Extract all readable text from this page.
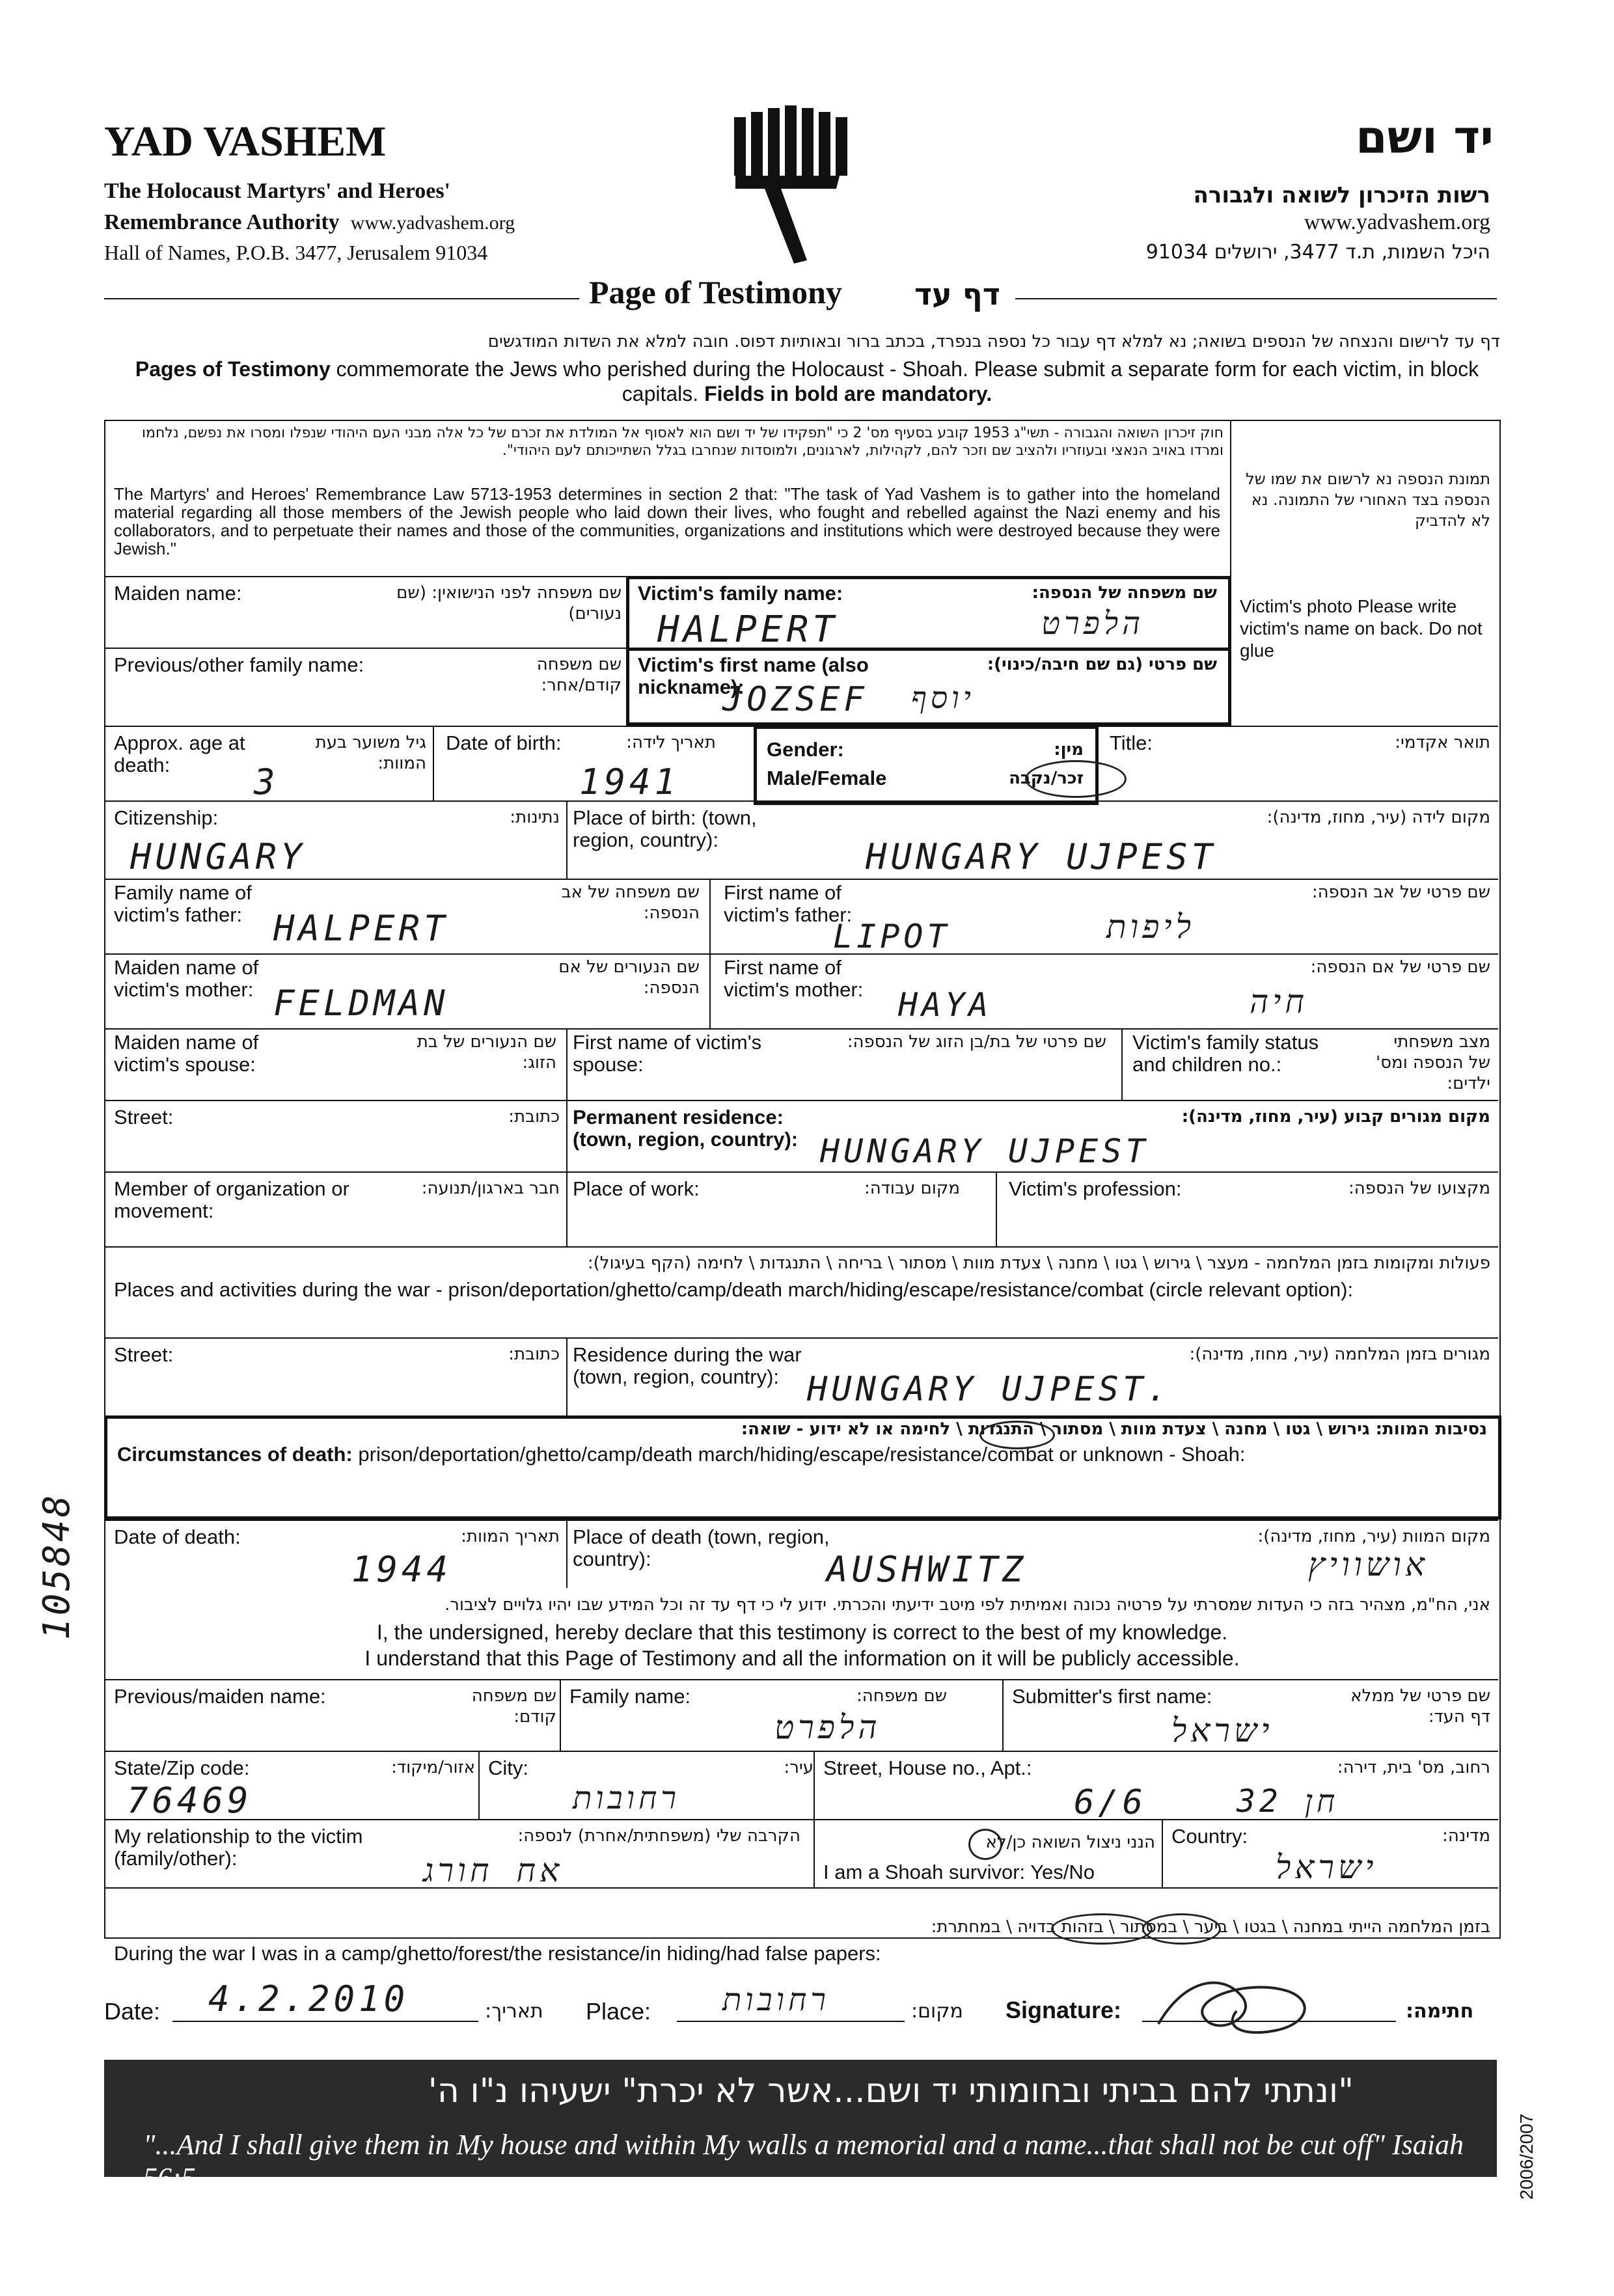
YAD VASHEM
The Holocaust Martyrs' and Heroes'
Remembrance Authority www.yadvashem.org
Hall of Names, P.O.B. 3477, Jerusalem 91034
יד ושם
רשות הזיכרון לשואה ולגבורה
www.yadvashem.org
היכל השמות, ת.ד 3477, ירושלים 91034
Page of Testimony דף עד
דף עד לרישום והנצחה של הנספים בשואה; נא למלא דף עבור כל נספה בנפרד, בכתב ברור ובאותיות דפוס. חובה למלא את השדות המודגשים
Pages of Testimony commemorate the Jews who perished during the Holocaust - Shoah. Please submit a separate form for each victim, in block capitals. Fields in bold are mandatory.
חוק זיכרון השואה והגבורה - תשי"ג 1953 קובע בסעיף מס' 2 כי "תפקידו של יד ושם הוא לאסוף אל המולדת את זכרם של כל אלה מבני העם היהודי שנפלו ומסרו את נפשם, נלחמו ומרדו באויב הנאצי ובעוזריו ולהציב שם וזכר להם, לקהילות, לארגונים, ולמוסדות שנחרבו בגלל השתייכותם לעם היהודי".
The Martyrs' and Heroes' Remembrance Law 5713-1953 determines in section 2 that: "The task of Yad Vashem is to gather into the homeland material regarding all those members of the Jewish people who laid down their lives, who fought and rebelled against the Nazi enemy and his collaborators, and to perpetuate their names and those of the communities, organizations and institutions which were destroyed because they were Jewish."
תמונת הנספה נא לרשום את שמו של הנספה בצד האחורי של התמונה. נא לא להדביק
Victim's photo Please write victim's name on back. Do not glue
Maiden name:	שם משפחה לפני הנישואין: (שם נעורים)
Victim's family name:	שם משפחה של הנספה:
HALPERT	הלפרט
Previous/other family name:	שם משפחה קודם/אחר:
Victim's first name (also nickname):
שם פרטי (גם שם חיבה/כינוי):
JOZSEF יוסף
Approx. age at death:
גיל משוער בעת המוות:
3
Date of birth:	תאריך לידה:
1941
Gender: Male/Female
מין: זכר/נקבה
Title:	תואר אקדמי:
Citizenship:	נתינות:
HUNGARY
Place of birth: (town, region, country):
מקום לידה (עיר, מחוז, מדינה):
HUNGARY UJPEST
Family name of victim's father:
שם משפחה של אב הנספה:
HALPERT
First name of victim's father:
שם פרטי של אב הנספה:
LIPOT	ליפות
Maiden name of victim's mother:
שם הנעורים של אם הנספה:
FELDMAN
First name of victim's mother:
שם פרטי של אם הנספה:
HAYA	חיה
Maiden name of victim's spouse:
שם הנעורים של בת הזוג:
First name of victim's spouse:
שם פרטי של בת/בן הזוג של הנספה: Victim's family status and children no.:
מצב משפחתי של הנספה ומס' ילדים:
Street:	כתובת: Permanent residence: (town, region, country):
מקום מגורים קבוע (עיר, מחוז, מדינה):
HUNGARY UJPEST
Member of organization or movement:
חבר בארגון/תנועה: Place of work:	מקום עבודה: Victim's profession:	מקצועו של הנספה:
פעולות ומקומות בזמן המלחמה - מעצר \ גירוש \ גטו \ מחנה \ צעדת מוות \ מסתור \ בריחה \ התנגדות \ לחימה (הקף בעיגול):
Places and activities during the war - prison/deportation/ghetto/camp/death march/hiding/escape/resistance/combat (circle relevant option):
Street:	כתובת: Residence during the war (town, region, country):
מגורים בזמן המלחמה (עיר, מחוז, מדינה):
HUNGARY UJPEST.
נסיבות המוות: גירוש \ גטו \ מחנה \ צעדת מוות \ מסתור \ התנגדות \ לחימה או לא ידוע - שואה:
Circumstances of death: prison/deportation/ghetto/camp/death march/hiding/escape/resistance/combat or unknown - Shoah:
Date of death:	תאריך המוות:
1944
Place of death (town, region, country):
מקום המוות (עיר, מחוז, מדינה):
AUSHWITZ	אושוויץ
אני, הח"מ, מצהיר בזה כי העדות שמסרתי על פרטיה נכונה ואמיתית לפי מיטב ידיעתי והכרתי. ידוע לי כי דף עד זה וכל המידע שבו יהיו גלויים לציבור.
I, the undersigned, hereby declare that this testimony is correct to the best of my knowledge.
I understand that this Page of Testimony and all the information on it will be publicly accessible.
Previous/maiden name:	שם משפחה קודם:
Family name:	שם משפחה:
הלפרט
Submitter's first name:	שם פרטי של ממלא דף העד:
ישראל
State/Zip code:	אזור/מיקוד:
76469
City:	עיר:
רחובות
Street, House no., Apt.:	רחוב, מס' בית, דירה:
6/6	חן 32
My relationship to the victim (family/other):
הקרבה שלי (משפחתית/אחרת) לנספה:
אח חורג
הנני ניצול השואה כן/לא
I am a Shoah survivor: Yes/No
Country:	מדינה:
ישראל
בזמן המלחמה הייתי במחנה \ בגטו \ ביער \ במסתור \ בזהות בדויה \ במחתרת:
During the war I was in a camp/ghetto/forest/the resistance/in hiding/had false papers:
Date: 4.2.2010	תאריך: Place: רחובות	מקום: Signature:	חתימה:
"ונתתי להם בביתי ובחומותי יד ושם...אשר לא יכרת" ישעיהו נ"ו ה'
"...And I shall give them in My house and within My walls a memorial and a name...that shall not be cut off" Isaiah 56:5
105848
2006/2007
